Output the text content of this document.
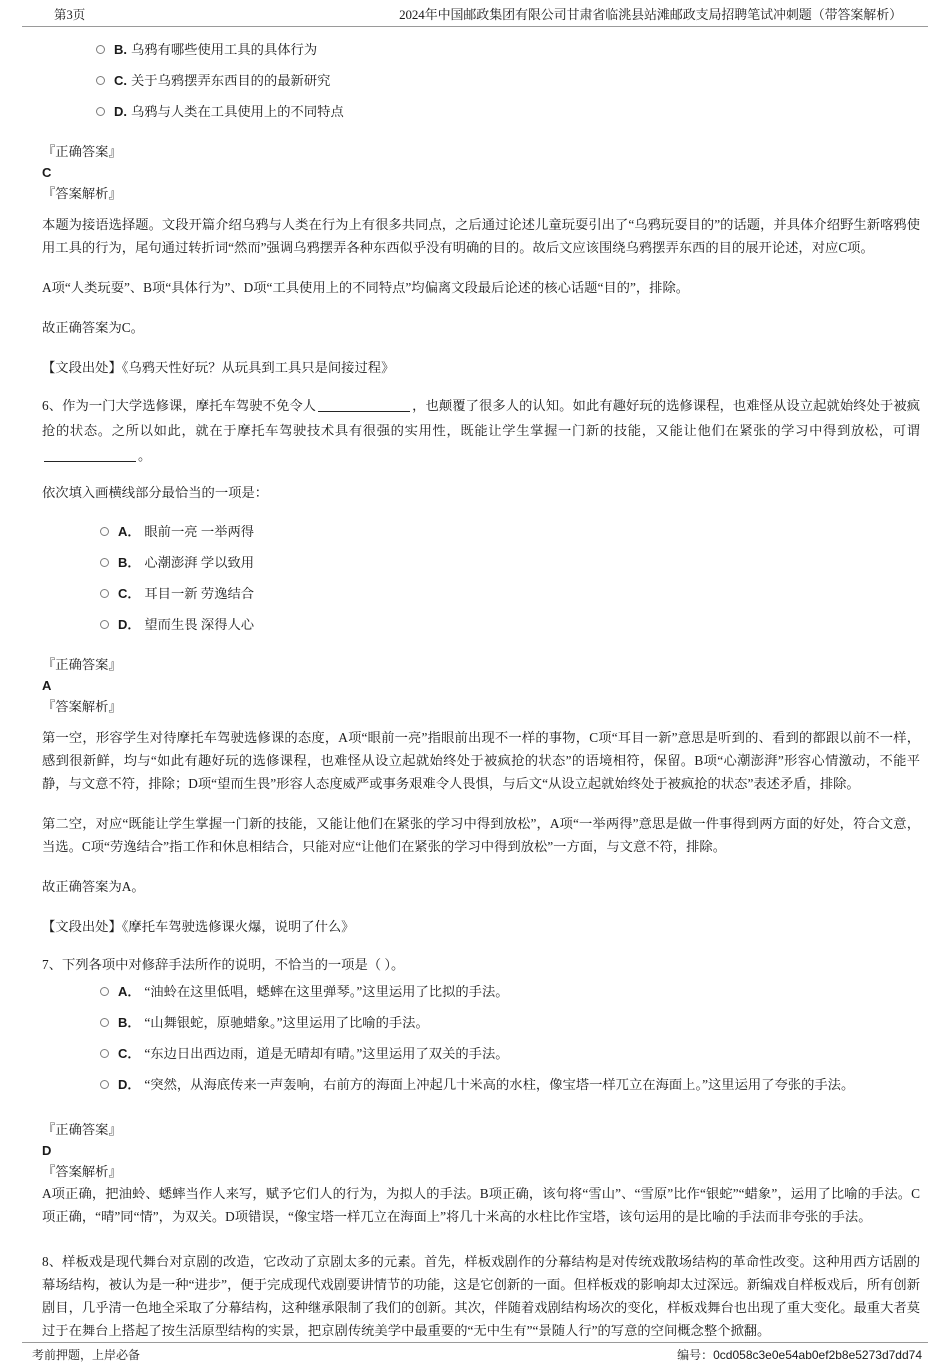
第3页	2024年中国邮政集团有限公司甘肃省临洮县站滩邮政支局招聘笔试冲刺题（带答案解析）
B. 乌鸦有哪些使用工具的具体行为
C. 关于乌鸦摆弄东西目的的最新研究
D. 乌鸦与人类在工具使用上的不同特点

『正确答案』

C

『答案解析』

本题为接语选择题。文段开篇介绍乌鸦与人类在行为上有很多共同点，之后通过论述儿童玩耍引出了“乌鸦玩耍目的”的话题，并具体介绍野生新喀鸦使用工具的行为，尾句通过转折词“然而”强调乌鸦摆弄各种东西似乎没有明确的目的。故后文应该围绕乌鸦摆弄东西的目的展开论述，对应C项。

A项“人类玩耍”、B项“具体行为”、D项“工具使用上的不同特点”均偏离文段最后论述的核心话题“目的”，排除。

故正确答案为C。

【文段出处】《乌鸦天性好玩？从玩具到工具只是间接过程》

6、作为一门大学选修课，摩托车驾驶不免令人	，也颠覆了很多人的认知。如此有趣好玩的选修课程，也难怪从设立起就始终处于被疯抢的状态。之所以如此，就在于摩托车驾驶技术具有很强的实用性，既能让学生掌握一门新的技能，又能让他们在紧张的学习中得到放松，可谓。

依次填入画横线部分最恰当的一项是：

A． 眼前一亮 一举两得
B． 心潮澎湃 学以致用
C． 耳目一新 劳逸结合
D． 望而生畏 深得人心

『正确答案』

A

『答案解析』

第一空，形容学生对待摩托车驾驶选修课的态度，A项“眼前一亮”指眼前出现不一样的事物，C项“耳目一新”意思是听到的、看到的都跟以前不一样，感到很新鲜，均与“如此有趣好玩的选修课程，也难怪从设立起就始终处于被疯抢的状态”的语境相符，保留。B项“心潮澎湃”形容心情激动，不能平静，与文意不符，排除；D项“望而生畏”形容人态度威严或事务艰难令人畏惧，与后文“从设立起就始终处于被疯抢的状态”表述矛盾，排除。

第二空，对应“既能让学生掌握一门新的技能，又能让他们在紧张的学习中得到放松”，A项“一举两得”意思是做一件事得到两方面的好处，符合文意，当选。C项“劳逸结合”指工作和休息相结合，只能对应“让他们在紧张的学习中得到放松”一方面，与文意不符，排除。

故正确答案为A。

【文段出处】《摩托车驾驶选修课火爆，说明了什么》

7、下列各项中对修辞手法所作的说明，不恰当的一项是（ ）。

A． “油蛉在这里低唱，蟋蟀在这里弹琴。”这里运用了比拟的手法。
B． “山舞银蛇，原驰蜡象。”这里运用了比喻的手法。
C． “东边日出西边雨，道是无晴却有晴。”这里运用了双关的手法。
D． “突然，从海底传来一声轰响，右前方的海面上冲起几十米高的水柱，像宝塔一样兀立在海面上。”这里运用了夸张的手法。

『正确答案』

D

『答案解析』

A项正确，把油蛉、蟋蟀当作人来写，赋予它们人的行为，为拟人的手法。B项正确，该句将“雪山”、“雪原”比作“银蛇”“蜡象”，运用了比喻的手法。C项正确，“晴”同“情”，为双关。D项错误，“像宝塔一样兀立在海面上”将几十米高的水柱比作宝塔，该句运用的是比喻的手法而非夸张的手法。

8、样板戏是现代舞台对京剧的改造，它改动了京剧太多的元素。首先，样板戏剧作的分幕结构是对传统戏散场结构的革命性改变。这种用西方话剧的幕场结构，被认为是一种“进步”，便于完成现代戏剧要讲情节的功能，这是它创新的一面。但样板戏的影响却太过深远。新编戏自样板戏后，所有创新剧目，几乎清一色地全采取了分幕结构，这种继承限制了我们的创新。其次，伴随着戏剧结构场次的变化，样板戏舞台也出现了重大变化。最重大者莫过于在舞台上搭起了按生活原型结构的实景，把京剧传统美学中最重要的“无中生有”“景随人行”的写意的空间概念整个掀翻。

考前押题，上岸必备	编号：0cd058c3e0e54ab0ef2b8e5273d7dd74
